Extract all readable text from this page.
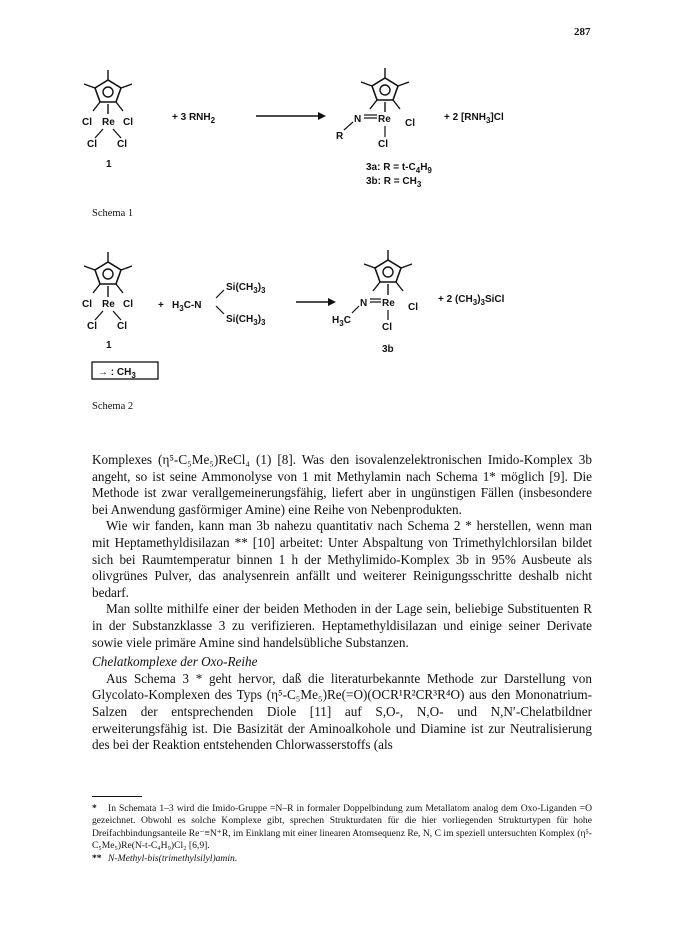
287
Cl Re Cl
Cl Cl
1
+ 3 $RNH_2$	N Re Cl
R
Cl
+ 2 $[RNH_3]Cl$
3a: $R = t-C_4H_9$
3b: $R = CH_3$
Schema 1
Cl Re Cl
Cl Cl
1
+ $H_3C-N$
$Si(CH_3)_3$
$Si(CH_3)_3$
N Re Cl
$H_3C$
Cl
3b
+ 2 $(CH_3)_3SiCl$
→ : $CH_3$
Schema 2

Komplexes (η⁵-C₅Me₅)ReCl₄ (1) [8]. Was den isovalenzelektronischen Imido-Komplex 3b angeht, so ist seine Ammonolyse von 1 mit Methylamin nach Schema 1* möglich [9]. Die Methode ist zwar verallgemeinerungsfähig, liefert aber in ungünstigen Fällen (insbesondere bei Anwendung gasförmiger Amine) eine Reihe von Nebenprodukten.

Wie wir fanden, kann man 3b nahezu quantitativ nach Schema 2 * herstellen, wenn man mit Heptamethyldisilazan ** [10] arbeitet: Unter Abspaltung von Trimethylchlorsilan bildet sich bei Raumtemperatur binnen 1 h der Methylimido-Komplex 3b in 95% Ausbeute als olivgrünes Pulver, das analysenrein anfällt und weiterer Reinigungsschritte deshalb nicht bedarf.

Man sollte mithilfe einer der beiden Methoden in der Lage sein, beliebige Substituenten R in der Substanzklasse 3 zu verifizieren. Heptamethyldisilazan und einige seiner Derivate sowie viele primäre Amine sind handelsübliche Substanzen.

Chelatkomplexe der Oxo-Reihe

Aus Schema 3 * geht hervor, daß die literaturbekannte Methode zur Darstellung von Glycolato-Komplexen des Typs (η⁵-C₅Me₅)Re(=O)(OCR¹R²CR³R⁴O) aus den Mononatrium-Salzen der entsprechenden Diole [11] auf S,O-, N,O- und N,N′-Chelatbildner erweiterungsfähig ist. Die Basizität der Aminoalkohole und Diamine ist zur Neutralisierung des bei der Reaktion entstehenden Chlorwasserstoffs (als

* In Schemata 1–3 wird die Imido-Gruppe =N–R in formaler Doppelbindung zum Metallatom analog dem Oxo-Liganden =O gezeichnet. Obwohl es solche Komplexe gibt, sprechen Strukturdaten für die hier vorliegenden Strukturtypen für hohe Dreifachbindungsanteile Re⁻≡N⁺R, im Einklang mit einer linearen Atomsequenz Re, N, C im speziell untersuchten Komplex (η⁵-C₅Me₅)Re(N-t-C₄H₉)Cl₂ [6,9].

** N-Methyl-bis(trimethylsilyl)amin.
